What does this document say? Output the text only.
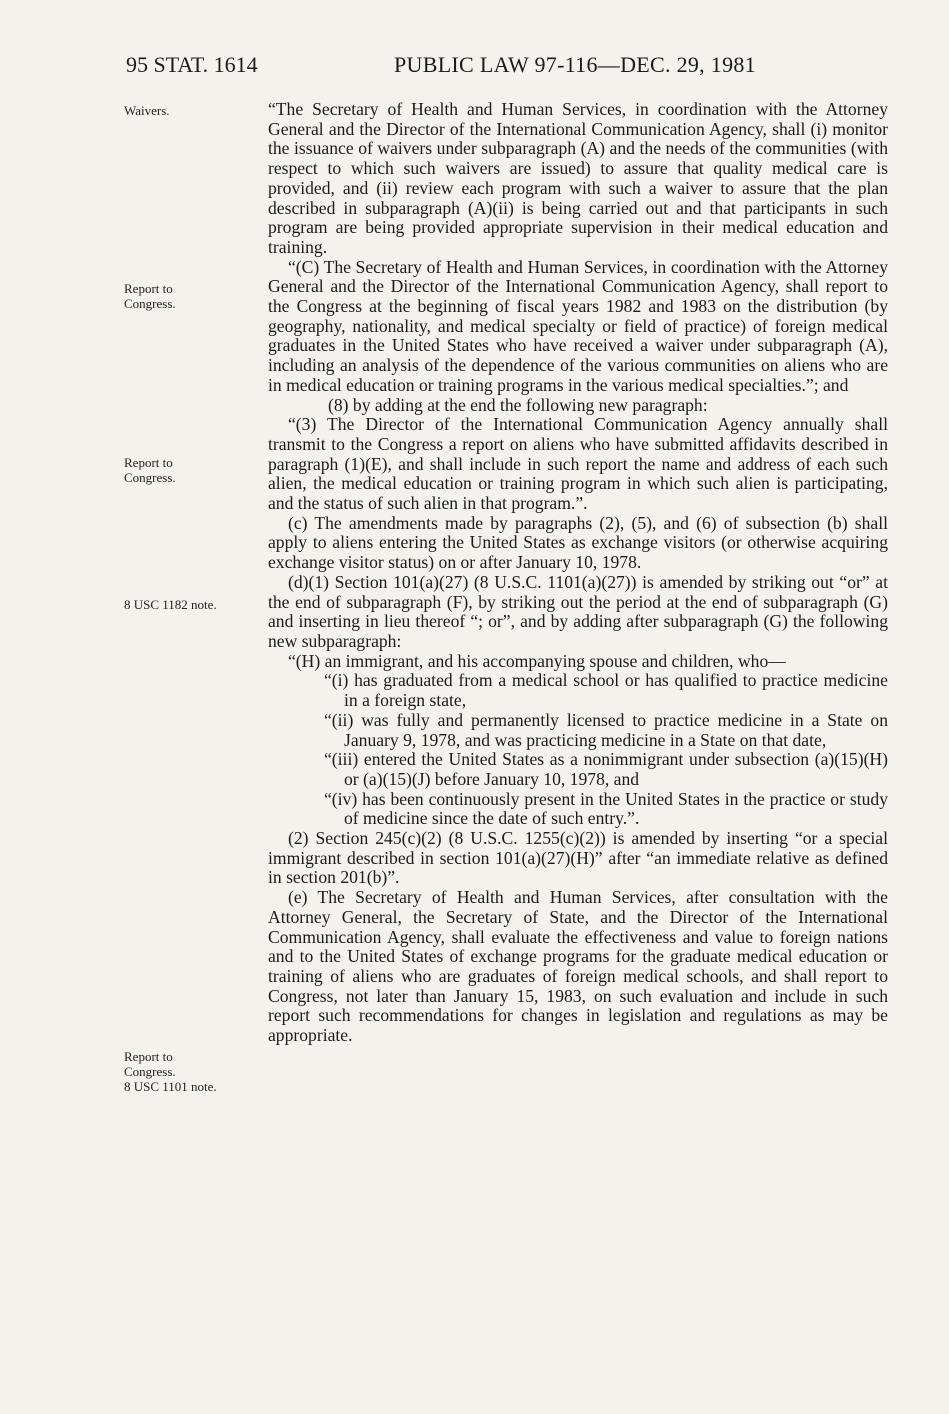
95 STAT. 1614	PUBLIC LAW 97-116—DEC. 29, 1981
Waivers.
Report to
Congress.
Report to
Congress.
8 USC 1182 note.
Report to
Congress.
8 USC 1101 note.

“The Secretary of Health and Human Services, in coordination with the Attorney General and the Director of the International Communication Agency, shall (i) monitor the issuance of waivers under subparagraph (A) and the needs of the communities (with respect to which such waivers are issued) to assure that quality medical care is provided, and (ii) review each program with such a waiver to assure that the plan described in subparagraph (A)(ii) is being carried out and that participants in such program are being provided appropriate supervision in their medical education and training.

“(C) The Secretary of Health and Human Services, in coordination with the Attorney General and the Director of the International Communication Agency, shall report to the Congress at the beginning of fiscal years 1982 and 1983 on the distribution (by geography, nationality, and medical specialty or field of practice) of foreign medical graduates in the United States who have received a waiver under subparagraph (A), including an analysis of the dependence of the various communities on aliens who are in medical education or training programs in the various medical specialties.”; and

(8) by adding at the end the following new paragraph:

“(3) The Director of the International Communication Agency annually shall transmit to the Congress a report on aliens who have submitted affidavits described in paragraph (1)(E), and shall include in such report the name and address of each such alien, the medical education or training program in which such alien is participating, and the status of such alien in that program.”.

(c) The amendments made by paragraphs (2), (5), and (6) of subsection (b) shall apply to aliens entering the United States as exchange visitors (or otherwise acquiring exchange visitor status) on or after January 10, 1978.

(d)(1) Section 101(a)(27) (8 U.S.C. 1101(a)(27)) is amended by striking out “or” at the end of subparagraph (F), by striking out the period at the end of subparagraph (G) and inserting in lieu thereof “; or”, and by adding after subparagraph (G) the following new subparagraph:

“(H) an immigrant, and his accompanying spouse and children, who—

“(i) has graduated from a medical school or has qualified to practice medicine in a foreign state,

“(ii) was fully and permanently licensed to practice medicine in a State on January 9, 1978, and was practicing medicine in a State on that date,

“(iii) entered the United States as a nonimmigrant under subsection (a)(15)(H) or (a)(15)(J) before January 10, 1978, and

“(iv) has been continuously present in the United States in the practice or study of medicine since the date of such entry.”.

(2) Section 245(c)(2) (8 U.S.C. 1255(c)(2)) is amended by inserting “or a special immigrant described in section 101(a)(27)(H)” after “an immediate relative as defined in section 201(b)”.

(e) The Secretary of Health and Human Services, after consultation with the Attorney General, the Secretary of State, and the Director of the International Communication Agency, shall evaluate the effectiveness and value to foreign nations and to the United States of exchange programs for the graduate medical education or training of aliens who are graduates of foreign medical schools, and shall report to Congress, not later than January 15, 1983, on such evaluation and include in such report such recommendations for changes in legislation and regulations as may be appropriate.
